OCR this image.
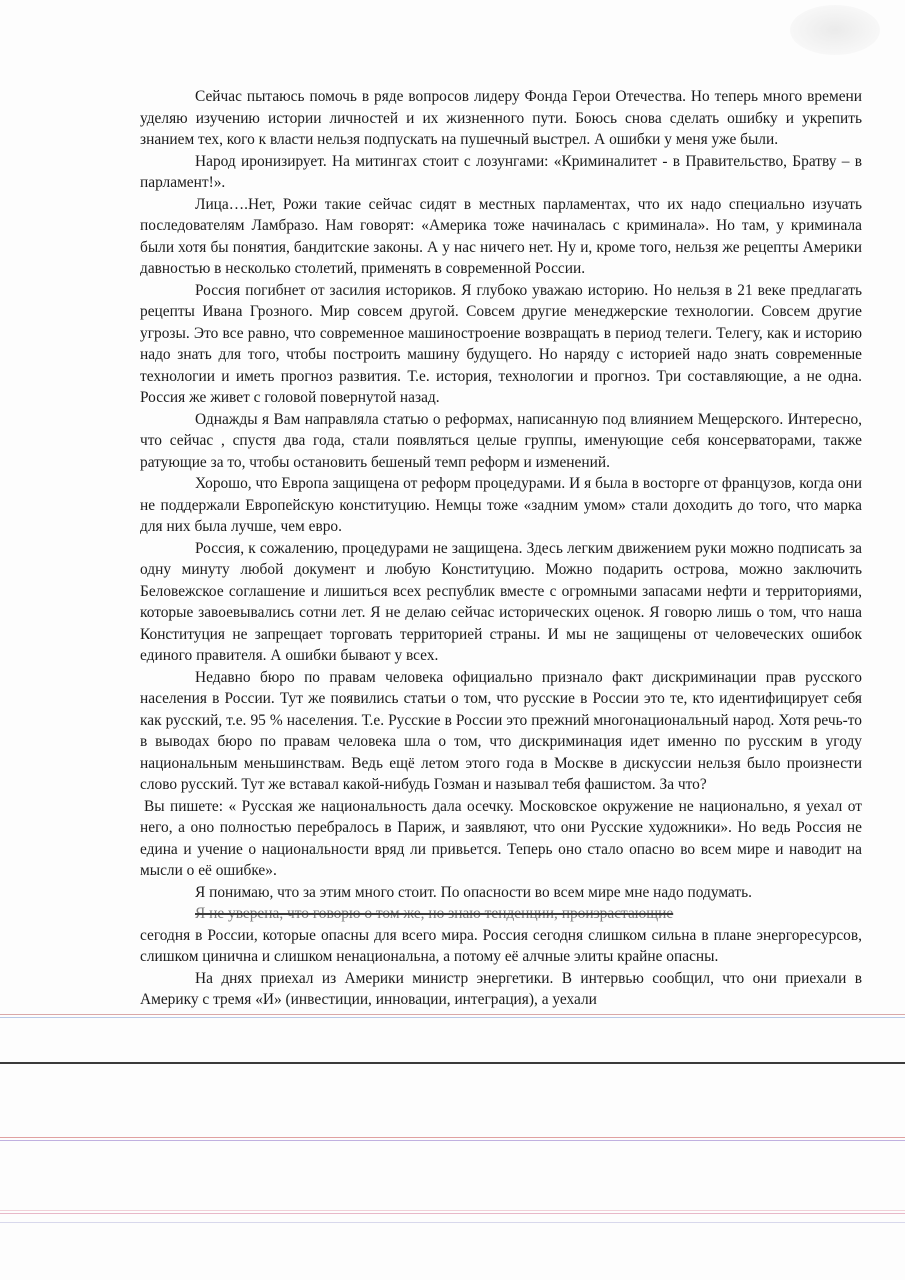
Сейчас пытаюсь помочь в ряде вопросов лидеру Фонда Герои Отечества. Но теперь много времени уделяю изучению истории личностей и их жизненного пути. Боюсь снова сделать ошибку и укрепить знанием тех, кого к власти нельзя подпускать на пушечный выстрел. А ошибки у меня уже были.

Народ иронизирует. На митингах стоит с лозунгами: «Криминалитет - в Правительство, Братву – в парламент!».

Лица….Нет, Рожи такие сейчас сидят в местных парламентах, что их надо специально изучать последователям Ламбразо. Нам говорят: «Америка тоже начиналась с криминала». Но там, у криминала были хотя бы понятия, бандитские законы. А у нас ничего нет. Ну и, кроме того, нельзя же рецепты Америки давностью в несколько столетий, применять в современной России.

Россия погибнет от засилия историков. Я глубоко уважаю историю. Но нельзя в 21 веке предлагать рецепты Ивана Грозного. Мир совсем другой. Совсем другие менеджерские технологии. Совсем другие угрозы. Это все равно, что современное машиностроение возвращать в период телеги. Телегу, как и историю надо знать для того, чтобы построить машину будущего. Но наряду с историей надо знать современные технологии и иметь прогноз развития. Т.е. история, технологии и прогноз. Три составляющие, а не одна. Россия же живет с головой повернутой назад.

Однажды я Вам направляла статью о реформах, написанную под влиянием Мещерского. Интересно, что сейчас , спустя два года, стали появляться целые группы, именующие себя консерваторами, также ратующие за то, чтобы остановить бешеный темп реформ и изменений.

Хорошо, что Европа защищена от реформ процедурами. И я была в восторге от французов, когда они не поддержали Европейскую конституцию. Немцы тоже «задним умом» стали доходить до того, что марка для них была лучше, чем евро.

Россия, к сожалению, процедурами не защищена. Здесь легким движением руки можно подписать за одну минуту любой документ и любую Конституцию. Можно подарить острова, можно заключить Беловежское соглашение и лишиться всех республик вместе с огромными запасами нефти и территориями, которые завоевывались сотни лет. Я не делаю сейчас исторических оценок. Я говорю лишь о том, что наша Конституция не запрещает торговать территорией страны. И мы не защищены от человеческих ошибок единого правителя. А ошибки бывают у всех.

Недавно бюро по правам человека официально признало факт дискриминации прав русского населения в России. Тут же появились статьи о том, что русские в России это те, кто идентифицирует себя как русский, т.е. 95 % населения. Т.е. Русские в России это прежний многонациональный народ. Хотя речь-то в выводах бюро по правам человека шла о том, что дискриминация идет именно по русским в угоду национальным меньшинствам. Ведь ещё летом этого года в Москве в дискуссии нельзя было произнести слово русский. Тут же вставал какой-нибудь Гозман и называл тебя фашистом. За что?

Вы пишете: « Русская же национальность дала осечку. Московское окружение не национально, я уехал от него, а оно полностью перебралось в Париж, и заявляют, что они Русские художники». Но ведь Россия не едина и учение о национальности вряд ли привьется. Теперь оно стало опасно во всем мире и наводит на мысли о её ошибке».

Я понимаю, что за этим много стоит. По опасности во всем мире мне надо подумать.

Я не уверена, что говорю о том же, но знаю тенденции, произрастающие

сегодня в России, которые опасны для всего мира. Россия сегодня слишком сильна в плане энергоресурсов, слишком цинична и слишком ненациональна, а потому её алчные элиты крайне опасны.

На днях приехал из Америки министр энергетики. В интервью сообщил, что они приехали в Америку с тремя «И» (инвестиции, инновации, интеграция), а уехали
